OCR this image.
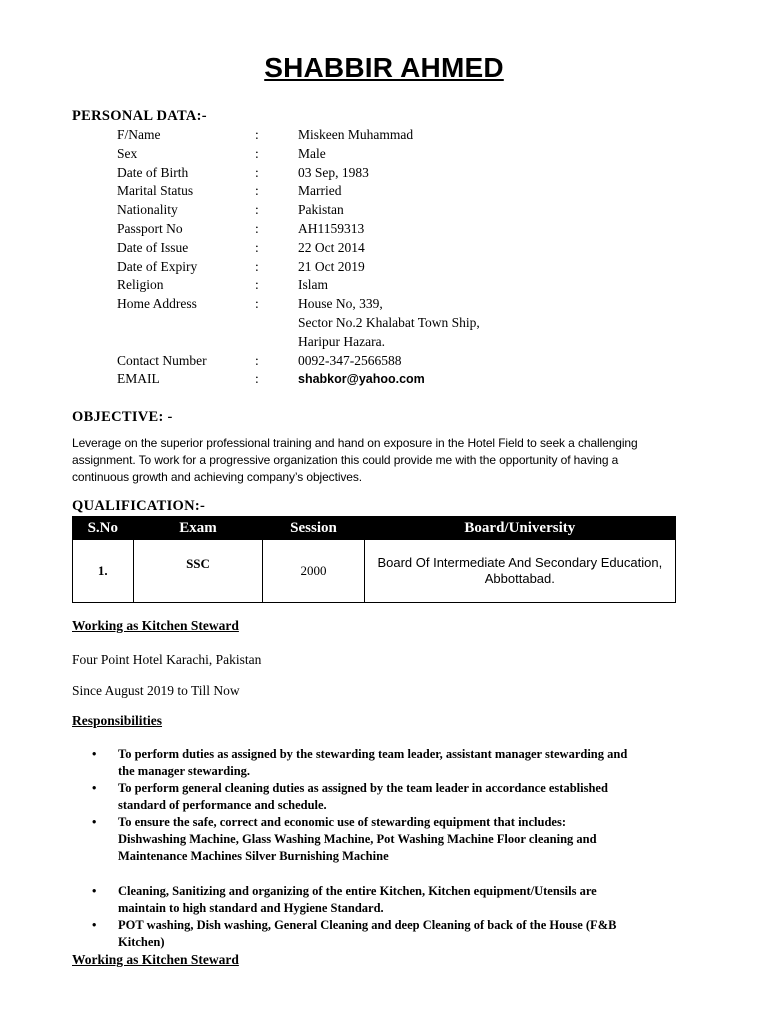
SHABBIR AHMED
PERSONAL DATA:-
F/Name	:	Miskeen Muhammad
Sex	:	Male
Date of Birth	:	03 Sep, 1983
Marital Status	:	Married
Nationality	:	Pakistan
Passport No	:	AH1159313
Date of Issue	:	22 Oct 2014
Date of Expiry	:	21 Oct 2019
Religion	:	Islam
Home Address	:	House No, 339,
Sector No.2 Khalabat Town Ship,
Haripur Hazara.
Contact Number	:	0092-347-2566588
EMAIL	:	shabkor@yahoo.com
OBJECTIVE: -
Leverage on the superior professional training and hand on exposure in the Hotel Field to seek a challenging
assignment. To work for a progressive organization this could provide me with the opportunity of having a
continuous growth and achieving company’s objectives.
QUALIFICATION:-
S.No	Exam	Session	Board/University
1.	SSC	2000	Board Of Intermediate And Secondary Education,
Abbottabad.
Working as Kitchen Steward
Four Point Hotel Karachi, Pakistan
Since August 2019 to Till Now
Responsibilities
• To perform duties as assigned by the stewarding team leader, assistant manager stewarding and
the manager stewarding.
• To perform general cleaning duties as assigned by the team leader in accordance established
standard of performance and schedule.
• To ensure the safe, correct and economic use of stewarding equipment that includes:
Dishwashing Machine, Glass Washing Machine, Pot Washing Machine Floor cleaning and
Maintenance Machines Silver Burnishing Machine
• Cleaning, Sanitizing and organizing of the entire Kitchen, Kitchen equipment/Utensils are
maintain to high standard and Hygiene Standard.
• POT washing, Dish washing, General Cleaning and deep Cleaning of back of the House (F&B
Kitchen)
Working as Kitchen Steward
